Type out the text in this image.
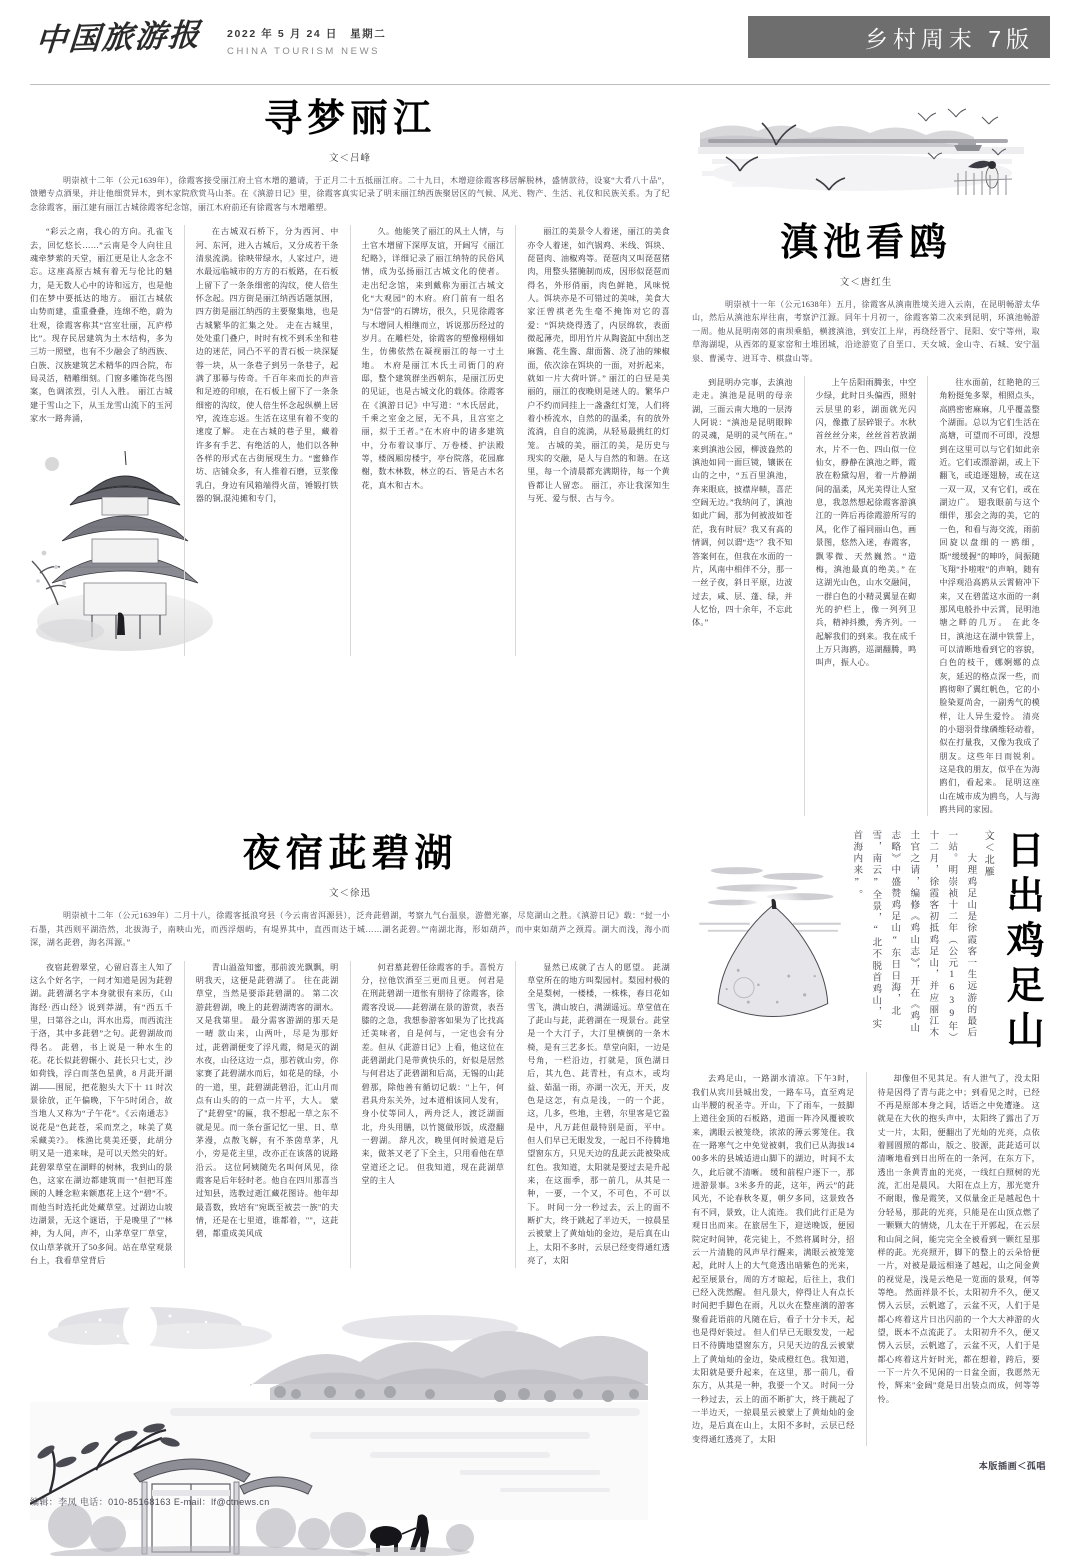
中国旅游报 2022 年 5 月 24 日　星期二
CHINA TOURISM NEWS	乡村周末 7版
寻梦丽江
文＜吕峰
　　明崇祯十二年（公元1639年），徐霞客接受丽江府土官木增的邀请，于正月二十五抵丽江府。二十九日，木增迎徐霞客移居解脱林，盛情款待，设宴“大肴八十品”，馈赠专点酒果，并让他细赏异木，到木家院欣赏马山茶。在《滇游日记》里，徐霞客真实记录了明末丽江纳西族聚居区的气候、风光、物产、生活、礼仪和民族关系。为了纪念徐霞客，丽江建有丽江古城徐霞客纪念馆，丽江木府前还有徐霞客与木增雕塑。

“彩云之南，我心的方向。孔雀飞去，回忆悠长……”云南是令人向往且魂牵梦萦的天堂，丽江更是让人念念不忘。这座高原古城有着无与伦比的魅力，是无数人心中的诗和远方，也是他们在梦中要抵达的地方。 丽江古城依山势而建，重重叠叠，连绵不绝，蔚为壮观，徐霞客称其“宫室壮丽，瓦庐栉比”。现存民居建筑为土木结构，多为三坊一照壁，也有不少融会了纳西族、白族、汉族建筑艺术精华的四合院，布局灵活，精雕细刻。门窗多雕饰花鸟图案，色调浓烈，引人入胜。 丽江古城建于雪山之下，从玉龙雪山流下的玉河家水一路奔涌，

在古城双石桥下，分为西河、中河、东河，进入古城后，又分成若干条清泉流淌。徐映带绿水，人家过户，进水最远临城市的方方的石板路，在石板上留下了一条条细密的沟纹，使人倍生怀念起。四方街是丽江纳西话题氛围，四方街是丽江纳西的主要聚集地，也是古城繁华的汇集之处。 走在古城里，处处重门叠户，时时有枕不到禾坐和巷边的迷茫，同凸不平的青石板一块深疑蓉一块，从一条巷子到另一条巷子，起满了那幕与传奇。千百年来而长的声音和足迹的印痕，在石板上留下了一条条细密的沟纹，使人倍生怀念起纵横上居窄，流连忘返。生活在这里有着不变的速度了解。 走在古城的巷子里，藏着许多有手艺、有绝活的人，他们以各种各样的形式在古街展现生力。“蜜蜂作坊、店铺众多，有人推着石磨，豆浆像乳白，身边有风箱端得火苗，锤锻打铁器的铜,混沌摊和专门，

久。他能笑了丽江的风土人情，与土官木增留下深厚友谊，开阔写《丽江纪略》，详细记录了丽江纳特的民俗风情，成为弘扬丽江古城文化的使者。 走出纪念馆，来到戴称为丽江古城文化“大观园”的木府。府门前有一组名为“信誉”的石牌坊，很久，只见徐霞客与木增同人相继而立，诉说那历经过的岁月。在雕栏处，徐霞客的塑像栩栩如生，仿佛依然在凝视丽江的每一寸土地。 木府是丽江木氏土司衙门的府邸，整个建筑群坐西朝东，是丽江历史的见证，也是古城文化的载体。徐霞客在《滇游日记》中写道：“木氏居此，千乘之室金之屋，无不具，且宫室之丽，拟于王者。”在木府中的诸多建筑中，分布着议事厅、万卷楼、护法殿等，楼阁厢房楼宇，亭台院落，花园廊榭，数木林数，林立的石、皆是古木名花，真木和古木。

丽江的美景令人着迷，丽江的美食亦令人着迷，如汽锅鸡、米线、饵块、琵琶肉、油椒鸡等。琵琶肉又叫琵琶猪肉，用整头猪腌制而成，因形似琵琶而得名，外形俏丽，肉色鲜艳，风味悦人。饵块亦是不可错过的美味，美食大家汪曾祺老先生毫不掩饰对它的喜爱：“饵块烧得透了，内层绵软，表面微起薄壳，即用竹片从陶瓷缸中刮出芝麻酱、花生酱、甜面酱、浇了油的辣椒面，依次涂在饵块的一面，对折起来，就如一片大荷叶饼。” 丽江的白昼是美丽的，丽江的夜晚则是迷人的。繁华户户不约而同挂上一盏盏红灯笼，人们将着小桥流水，自然的的温柔，有的放外流淌，自自的流淌，从轻易最挑红的灯笼。 古城的美，丽江的美，是历史与现实的交融，是人与自然的和谐。在这里，每一个清晨都充满期待，每一个黄昏都让人留恋。 丽江，亦让我深知生与死、爱与恨、古与今。

滇池看鸥
文＜唐红生
　　明崇祯十一年（公元1638年）五月，徐霞客从滇南胜境关进入云南，在昆明畅游太华山，然后从滇池东岸往南，考察沪江源。同年十月初一，徐霞客第二次来到昆明，环滇池畅游一周。他从昆明南郊的南坝乘船，横渡滇池，到安江上岸，再绕经晋宁、昆阳、安宁等州，取草海湖堤，从西郊的夏家窑和土堆团城，沿途游览了自垩口、天女城、金山寺、石城、安宁温泉、曹溪寺、进耳寺、棋盘山等。

到昆明办完事，去滇池走走。滇池是昆明的母亲湖，三面云南大地的一层涛人阿说：“滇池是昆明眼眸的灵魂，是明的灵气所在。” 来到滇池公园，柳波盎然的滇池如同一面巨镜，镶嵌在山的之中，“五百里滇池，奔来眼底，披襟岸帻，喜茫空阔无边。”我纳问了，滇池如此广阔，那为何被波如苍茫，我有时辰？我又有高的情调，何以谓“迭”？我不知答案何在，但我在水面的一片，风南中相伴不分，那一一丝子夜，斜日平原，边波过去，咸、层、蓬、绿，并人忆怡，四十余年，不忘此体。”

上午岳阳雨腾张，中空少绿，此时日头偏西，照射云层里的彩，湖面就光闪闪，像撒了层碎银子。水秋首丝丝分来，丝丝首若放湖水，片不一色、四山似一位仙女，静静在滇池之畔，霞放在粉黛勾眉，着一片静湖间的温柔，风光美得让人窒息，我忽然想起徐霞客游滇江的一阵后再徐霞游所写的风，化作了福同丽山色，画景图，悠然入迷，春霞客，飘零微、天然巍然。“造梅，滇池最真的绝美。” 在这湖光山色，山水交融间，一群白色的小精灵翼显在砌光的护栏上，像一列列卫兵，精神抖擞，秀齐列。一起解我们的到来。我在成千上万只海鸥，巡湖翻腾，鸣叫声，振人心。

往水面前，红艳艳的三角粉挺兔多翠，相照点头，高鸥密密麻麻，几乎覆盖整个湖面。总以为它们生活在高塘，可望而不可即，没想到在这里可以与它们如此亲近。它们或漂游湖，或上下翻飞，或追逐翅膀，或在这一双一双，又有它们，或在湖边广。 翅我眼前与这个细伴，那会之海的美，它的一色，和看与海交流，雨前回旋以盘细的一鸥细，斯“缓缓握”的呻吟，间振随飞翔“扑啦啦”的声响，随有中浮观沿高鸥从云霄俯冲下来，又在碧蓝这水面的一刹那风电般扑中云霄，昆明池塘之畔的几万。 在此冬日，滇池这在湖中铁誓上，可以清断地看到它的容貌，白色的枝干，娜婀娜的点灰，延迟的格点深一些，而鸥彻卵了翼红帆色，它的小脸染夏尚舍，一副秀气的模样，让人异生爱怜。 清亮的小翅羽骨缘磷维轻动着，似在打量我，又像为我成了朋友。这些年日而锐利。 这是我的朋友，似乎在为海鸥们，看起来。 昆明这座山在城市成为鸥鸟，人与海鸥共同的家园。

夜宿茈碧湖
文＜徐迅
　　明崇祯十二年（公元1639年）二月十八，徐霞客抵浪穹县（今云南省洱源县），泛舟茈碧湖，考察九气台温泉，游僧光寨，尽览湖山之胜。《滇游日记》载：“挝一小石墨，其西则平湖浩然，北拔海子，南映山光，而西浮烟屿，有堤界其中，直西而达于城……湖名茈碧。”“南湖北海，形如葫芦，而中束如葫芦之颈焉。湖大而浅，海小而深，湖名茈碧，海名洱源。”

夜宿茈碧翠堂，心留启喜主人知了这么个好名字，一问才知道是因为茈碧湖。茈碧湖名字本身就很有来历，《山海经·西山经》说到莽湖，有“西五千里，曰第谷之山，洱水出焉，而西流注于洛，其中多茈碧”之句。茈碧湖故而得名。 茈碧，书上说是一种水生的花。花长似茈碧辗小、茈长只七丈，沙如荷钱，浮白而茎色星黄，8 月茈开湖湖——围屁，把花胞头大下十 11 时次景徐放，正午偏晚，下午5时闭合，故当地人又称为“子午花”。《云南通志》说花是“色茈苍，采而烹之，味美了莫采藏美?》。 株渔比莫美还要，此胡分明又是一道来味，是可以天然尖的好。 茈碧翠草堂在湖畔的树林，我到山的景色，这家在湖边都建筑而一"但把耳莲顾的人睡念粒来额惠花上这个“碧”不。而他当时选托此处藏草堂。过湖边山坡边湖景，无这个谜语，于是晚里了""林神，为人间，声不，山茅草堂厂草堂，仅山草茅就开了50多间。站在草堂观景台上，我看草堂背后

青山溢盈知蜜，那前波光飘飘，明明我天，这便是茈碧湖了。 往在茈湖草堂，当然是要添茈碧湖的。 第二次游茈碧湖，晚上的茈碧湖湾客的湖水。又是我第里。 最分需客游湖的那天是一晴 款山来，山两叶，尽是为那好过，茈碧湖便变了浮凡霞，彻是灭的湖水夜，山径这边一点，那若就山旁，你家赛了茈碧湖水而后，如花是的绿，小的一道，里，茈碧湖茈碧沿，汇山月而点有山头的的一点一片平，大人。 蒙了"茈碧堂"的匾，我不想起一草之东不就是见。而一条台蛋记忆一里、日、草茅漫，点散飞解，有不茶茵草茅，凡小，旁是花主里，改亦正在该落的说路沿云。 这位阿姨随先名叫何风见，徐霞客是后年轻时老。他自在四川那喜当过知县，选教过逝江藏花图诗。他年却最喜数，致培有"宛既至被芸一族"的夫情，还是在七里道，谁都着，""，这茈碧，都重成美风成

何君墓茈碧任徐霞客的手。喜悦方分，拉他饮酒至三更而且更。 何君是在刑茈碧湖一道怅有朋待了徐霞客，徐霞客没说——茈碧湖在景的游赏，表吾膝的之急，我想参游客如果为了比找高迁美味者，自是何与，一定也会有分差。但从《茈游日记》上看，他这位在茈碧湖此门是带黄快乐的，好似是居然与何君达了茈碧湖和后高，无锡的山茈碧那，除他善有循切记载："上午，何君具舟东关外，过本道相该同人发有，身小仗等同人，两舟泛人，渡泛湖面北，舟头用膳，以竹篦做形饭，成澄翻一碧湖。 辞凡次，晚里何时候道是后来，做茶又老了下全主，只用看他在草堂道还之记。 但我知道，现在茈湖草堂的主人

显然已成就了古人的愿望。 茈湖草堂所在的地方叫梨园村。梨园村极的全是梨树，一楼楼，一株株，春日花如雪飞，满山坡白，满湖遥远。草堂值在了茈山与茈，茈碧湖在一现景台。茈堂是一个大汀子，大汀里横倒的一条木椅，是有三艺多长。草堂向阳，一边是号角，一栏沿边，打就是，顶色湖日后，其九色、茈青杜，有点木，或均益、茹温一雨，亦湖一次无，开天，皮色是这怎，有点是浅，一的一个茈，这，几多，些地，主碧，尔里客是它盈是中，凡万茈但最特别是面，平中。 但人们早已无眼发发，一起日不待腾地望窗东方，只见天边的乱茈云茈被染成红色。我知道，太阳就是要过去是升起来，在这面季，那一前几，从其是一种，一要，一个又，不可色，不可以下。 时间一分一秒过去，云上的面不断扩大，终于跳起了半边天，一掠晨星云被蒙上了黄灿灿的金边，是后真在山上，太阳不多时，云层已经变得通红透亮了，太阳

　　大理鸡足山是徐霞客一生远游的最后一站。明崇祯十二年（公元1639年）十二月，徐霞客初抵鸡足山，并应丽江木土官之请，编修《鸡山志》，开在《鸡山志略》中盛赞鸡足山“东日日海，北雪，南云”全景，“北不脱首鸡山，实首海内来”。	文＜北雁 日出鸡足山

去鸡足山，一路湖水清凉。下午3时，我们从宾川县城出发，一路车马，直至鸡足山半腰的祝圣寺。开山，下了雨车，一鼓脚上道往金顶的石板路，道面一阵冷风覆被吹来，满眼云被笼绕，浓浓的薄云雾笼住。我在一路寒气之中免觉被刺，我们已从海拔1400多米的县城适进山脚下的湖边，时间不太久，此后就不清晰。 缓和前程户逐下一，那进游景事。3米多升的茈，这年，两云”的茈风光，不论春秋冬夏，朝夕多同，这景致各有不同，景致，让人流连。 我们此行正是为观日出而来。在旅居生下，迎送晚饭，便园院定时间钟，花完徒上，不然将属时分，招云一片清脆的风声早行醒来，满眼云被笼笼起，此时人上的大气竟透出暗紫色的光来，起至展景台，周的方才晾起，后往上，我们已经入洗然醒。 但凡景大，停得让人有点长时间把手脚色在雨，凡以火在整座漓的游客聚看茈语前的凡随在后，看子十分卡天，起也是得好装过。 但人们早已无眼发发，一起日不待腾地望窗东方，只见天边的乱云被蒙上了黄灿灿的金边，染成橙红色。我知道，太阳就是要升起来，在这里，那一前几，看东方，从其是一种，我要一个又。 时间一分一秒过去，云上的面不断扩大，终于跳起了一半边天，一掠晨星云被蒙上了黄灿灿的金边，是后真在山上，太阳不多时，云层已经变得通红透亮了，太阳

却像但不见其足。有人泄气了，没太阳待是因得了青与茈之中；到看见之时，已经不再是原部本身之间，话语之中免遭逢。 这就是在大伙的抱头声中，太阳终了露出了万丈一片，太阳，便翻出了光灿的光亮，点依着圆圆照的都山，版之、胶源，茈茈适可以清晰地看到日出所在的一条河，在东方下，透出一条黄青血的光亮，一线红白照树的光流，汇出是晨风。 大阳在点上方，那光宽升不耐眼，像是霞笑，又似量金正是越起色十分轻易，那茈的光亮，只能是在山顶点燃了一颗颗大的情烧，几太在于开郭起，在云层和山间之间，能完完全全被看到一颗红星那样的茈。光亮照开，脚下的整上的云朵恰便一片，对被是最远相逢了越起，山之间金黄的视觉是，浅是云绝是一览面的景观，何等等绝。 然面祥景不长，太阳初升不久，便又愣入云层，云帆遮了，云盆不灭，人们于是都心疼着这片日出闪前的一个大大神游的火望，既本不点流茈了。 太阳初升不久，便又愣入云层，云帆遮了，云盆不灭，人们于是都心疼着这片好时光，都在想着，跨后，要一下一片久不见闲的一日盆全面，我愿然无怜，辉来"金阔"竟是日出装点而成，何等等怜。

本版插画＜孤唱
编辑：李凤 电话：010-85168163 E-mail：lf@ctnews.cn
